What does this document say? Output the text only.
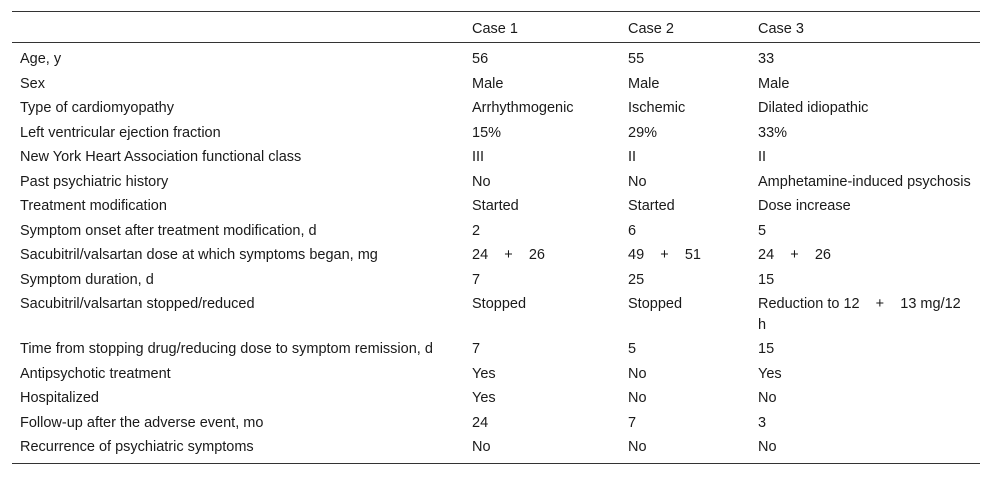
	Case 1	Case 2	Case 3
Age, y	56	55	33
Sex	Male	Male	Male
Type of cardiomyopathy	Arrhythmogenic	Ischemic	Dilated idiopathic
Left ventricular ejection fraction	15%	29%	33%
New York Heart Association functional class	III	II	II
Past psychiatric history	No	No	Amphetamine-induced psychosis
Treatment modification	Started	Started	Dose increase
Symptom onset after treatment modification, d	2	6	5
Sacubitril/valsartan dose at which symptoms began, mg	24    +    26	49    +    51	24    +    26
Symptom duration, d	7	25	15
Sacubitril/valsartan stopped/reduced	Stopped	Stopped	Reduction to 12    +    13 mg/12 h
Time from stopping drug/reducing dose to symptom remission, d	7	5	15
Antipsychotic treatment	Yes	No	Yes
Hospitalized	Yes	No	No
Follow-up after the adverse event, mo	24	7	3
Recurrence of psychiatric symptoms	No	No	No
